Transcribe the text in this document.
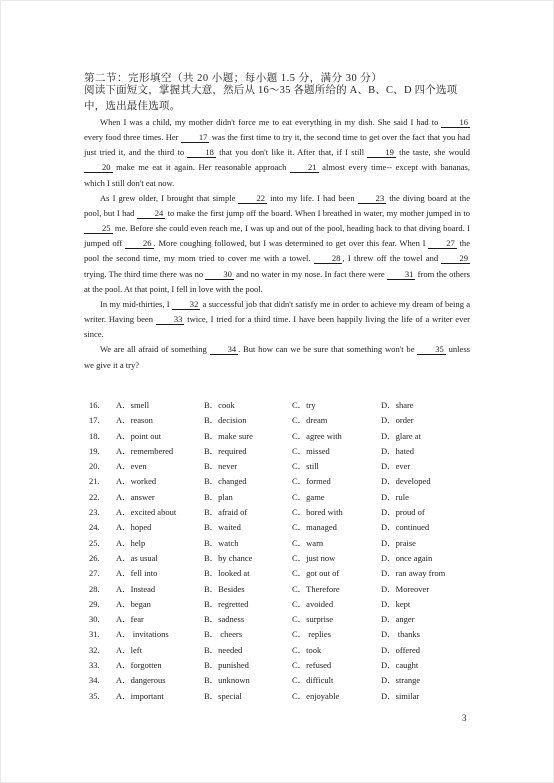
第二节：完形填空（共 20 小题；每小题 1.5 分，满分 30 分）
阅读下面短文，掌握其大意，然后从 16～35 各题所给的 A、B、C、D 四个选项中，选出最佳选项。

When I was a child, my mother didn't force me to eat everything in my dish. She said I had to 16 every food three times. Her 17 was the first time to try it, the second time to get over the fact that you had just tried it, and the third to 18 that you don't like it. After that, if I still 19 the taste, she would 20 make me eat it again. Her reasonable approach 21 almost every time-- except with bananas, which I still don't eat now.

As I grew older, I brought that simple 22 into my life. I had been 23 the diving board at the pool, but I had 24 to make the first jump off the board. When I breathed in water, my mother jumped in to 25 me. Before she could even reach me, I was up and out of the pool, heading back to that diving board. I jumped off 26 . More coughing followed, but I was determined to get over this fear. When I 27 the pool the second time, my mom tried to cover me with a towel. 28 , I threw off the towel and 29 trying. The third time there was no 30 and no water in my nose. In fact there were 31 from the others at the pool. At that point, I fell in love with the pool.

In my mid-thirties, I 32 a successful job that didn't satisfy me in order to achieve my dream of being a writer. Having been 33 twice, I tried for a third time. I have been happily living the life of a writer ever since.

We are all afraid of something 34 . But how can we be sure that something won't be 35 unless we give it a try?

16. A．smell	B．cook	C．try	D．share
17. A．reason	B．decision	C．dream	D．order
18. A．point out	B．make sure	C．agree with	D．glare at
19. A．remembered	B．required	C．missed	D．hated
20. A．even	B．never	C．still	D．ever
21. A．worked	B．changed	C．formed	D．developed
22. A．answer	B．plan	C．game	D．rule
23. A．excited about	B．afraid of	C．bored with	D．proud of
24. A．hoped	B．waited	C．managed	D．continued
25. A．help	B．watch	C．warn	D．praise
26. A．as usual	B．by chance	C．just now	D．once again
27. A．fell into	B．looked at	C．got out of	D．ran away from
28. A．Instead	B．Besides	C．Therefore	D．Moreover
29. A．began	B．regretted	C．avoided	D．kept
30. A．fear	B．sadness	C．surprise	D．anger
31. A． invitations	B． cheers	C． replies	D． thanks
32. A．left	B．needed	C．took	D．offered
33. A．forgotten	B．punished	C．refused	D．caught
34. A．dangerous	B．unknown	C．difficult	D．strange
35. A．important	B．special	C．enjoyable	D．similar
3
